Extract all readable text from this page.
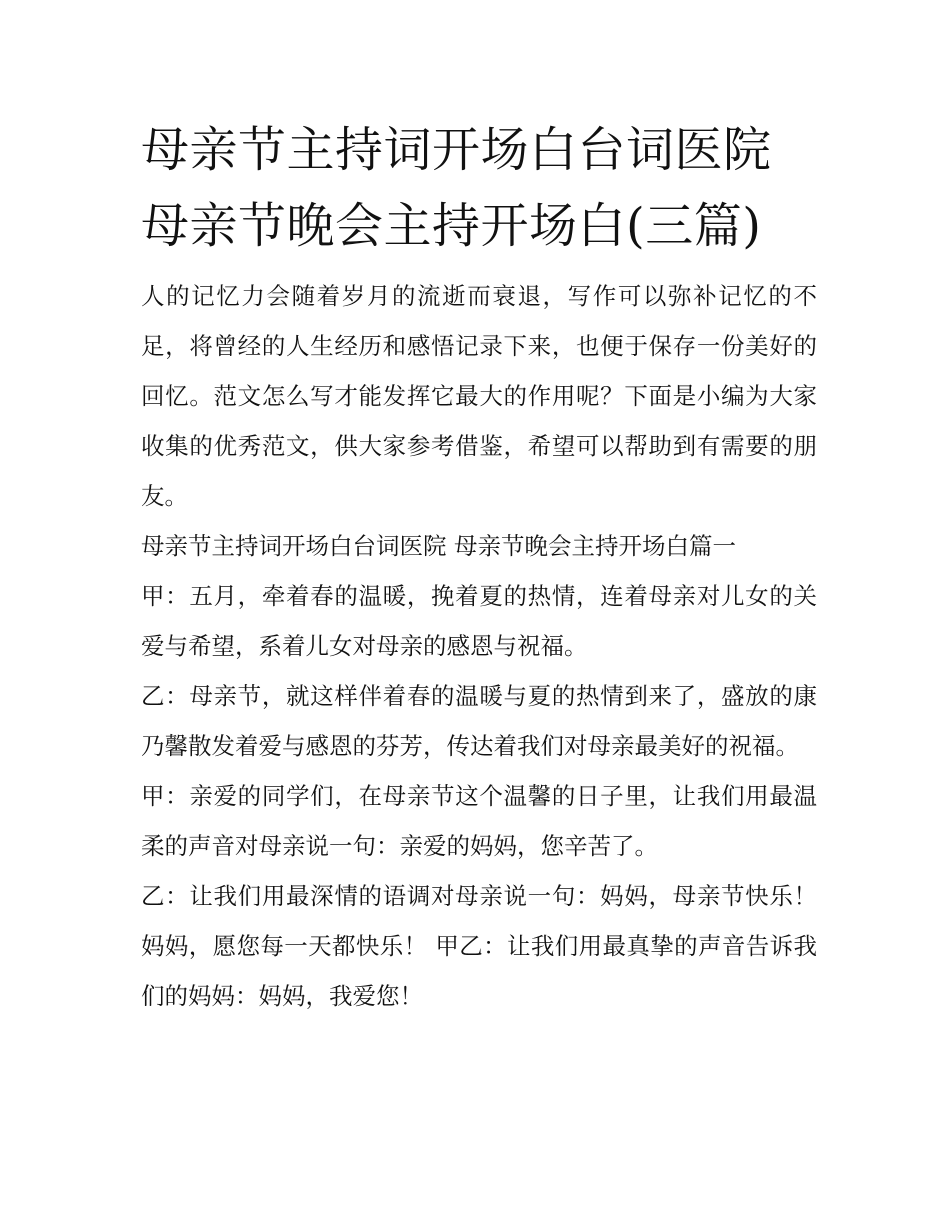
母亲节主持词开场白台词医院
母亲节晚会主持开场白(三篇)

人的记忆力会随着岁月的流逝而衰退，写作可以弥补记忆的不足，将曾经的人生经历和感悟记录下来，也便于保存一份美好的回忆。范文怎么写才能发挥它最大的作用呢？下面是小编为大家收集的优秀范文，供大家参考借鉴，希望可以帮助到有需要的朋友。

母亲节主持词开场白台词医院 母亲节晚会主持开场白篇一

甲：五月，牵着春的温暖，挽着夏的热情，连着母亲对儿女的关爱与希望，系着儿女对母亲的感恩与祝福。

乙：母亲节，就这样伴着春的温暖与夏的热情到来了，盛放的康乃馨散发着爱与感恩的芬芳，传达着我们对母亲最美好的祝福。

甲：亲爱的同学们，在母亲节这个温馨的日子里，让我们用最温柔的声音对母亲说一句：亲爱的妈妈，您辛苦了。

乙：让我们用最深情的语调对母亲说一句：妈妈，母亲节快乐！妈妈，愿您每一天都快乐！ 甲乙：让我们用最真挚的声音告诉我们的妈妈：妈妈，我爱您！
